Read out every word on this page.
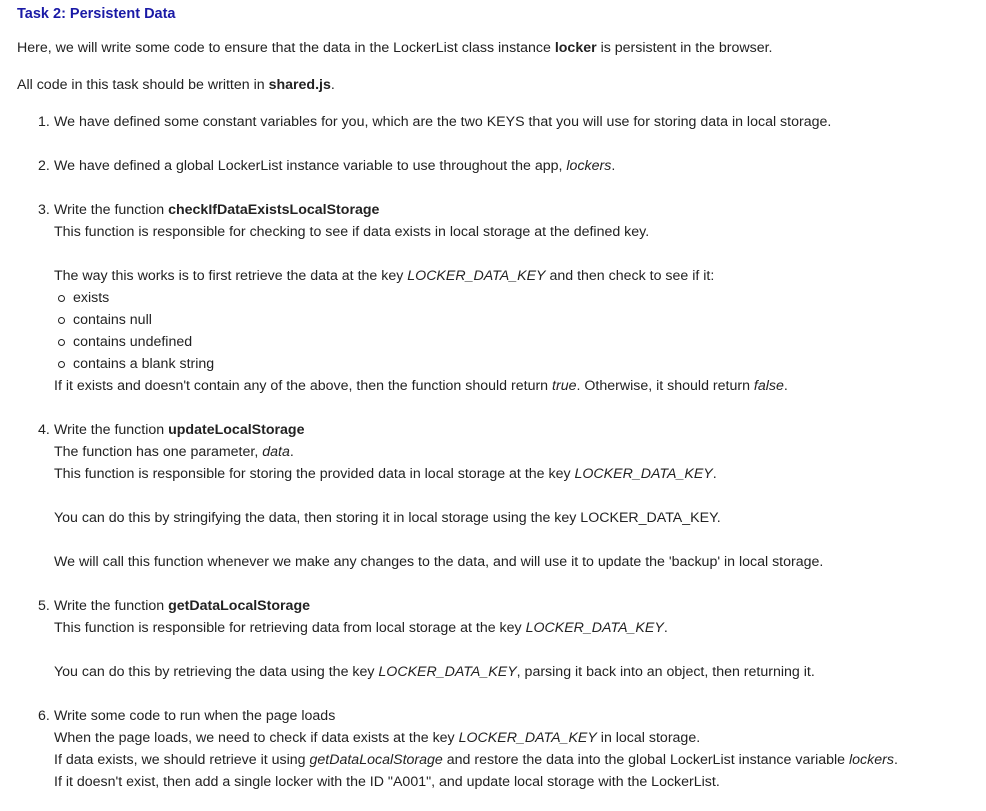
Task 2: Persistent Data

Here, we will write some code to ensure that the data in the LockerList class instance locker is persistent in the browser.

All code in this task should be written in shared.js.

1. We have defined some constant variables for you, which are the two KEYS that you will use for storing data in local storage.
2. We have defined a global LockerList instance variable to use throughout the app, lockers.
3. Write the function checkIfDataExistsLocalStorage
This function is responsible for checking to see if data exists in local storage at the defined key.
The way this works is to first retrieve the data at the key LOCKER_DATA_KEY and then check to see if it:
exists
contains null
contains undefined
contains a blank string
If it exists and doesn't contain any of the above, then the function should return true. Otherwise, it should return false.
4. Write the function updateLocalStorage
The function has one parameter, data.
This function is responsible for storing the provided data in local storage at the key LOCKER_DATA_KEY.
You can do this by stringifying the data, then storing it in local storage using the key LOCKER_DATA_KEY.
We will call this function whenever we make any changes to the data, and will use it to update the 'backup' in local storage.
5. Write the function getDataLocalStorage
This function is responsible for retrieving data from local storage at the key LOCKER_DATA_KEY.
You can do this by retrieving the data using the key LOCKER_DATA_KEY, parsing it back into an object, then returning it.
6. Write some code to run when the page loads
When the page loads, we need to check if data exists at the key LOCKER_DATA_KEY in local storage.
If data exists, we should retrieve it using getDataLocalStorage and restore the data into the global LockerList instance variable lockers.
If it doesn't exist, then add a single locker with the ID "A001", and update local storage with the LockerList.
